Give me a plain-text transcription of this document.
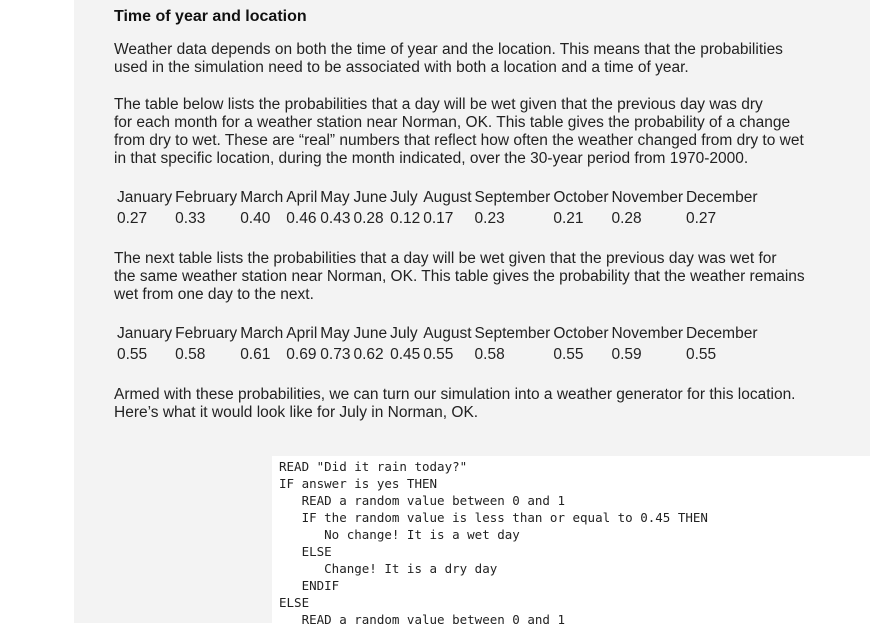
Time of year and location

Weather data depends on both the time of year and the location. This means that the probabilities
used in the simulation need to be associated with both a location and a time of year.

The table below lists the probabilities that a day will be wet given that the previous day was dry
for each month for a weather station near Norman, OK. This table gives the probability of a change
from dry to wet. These are “real” numbers that reflect how often the weather changed from dry to wet
in that specific location, during the month indicated, over the 30-year period from 1970-2000.

January	February	March	April	May	June	July	August	September	October	November	December
0.27	0.33	0.40	0.46	0.43	0.28	0.12	0.17	0.23	0.21	0.28	0.27

The next table lists the probabilities that a day will be wet given that the previous day was wet for
the same weather station near Norman, OK. This table gives the probability that the weather remains
wet from one day to the next.

January	February	March	April	May	June	July	August	September	October	November	December
0.55	0.58	0.61	0.69	0.73	0.62	0.45	0.55	0.58	0.55	0.59	0.55

Armed with these probabilities, we can turn our simulation into a weather generator for this location.
Here’s what it would look like for July in Norman, OK.

READ "Did it rain today?"
IF answer is yes THEN
READ a random value between 0 and 1
IF the random value is less than or equal to 0.45 THEN
No change! It is a wet day
ELSE
Change! It is a dry day
ENDIF
ELSE
READ a random value between 0 and 1
